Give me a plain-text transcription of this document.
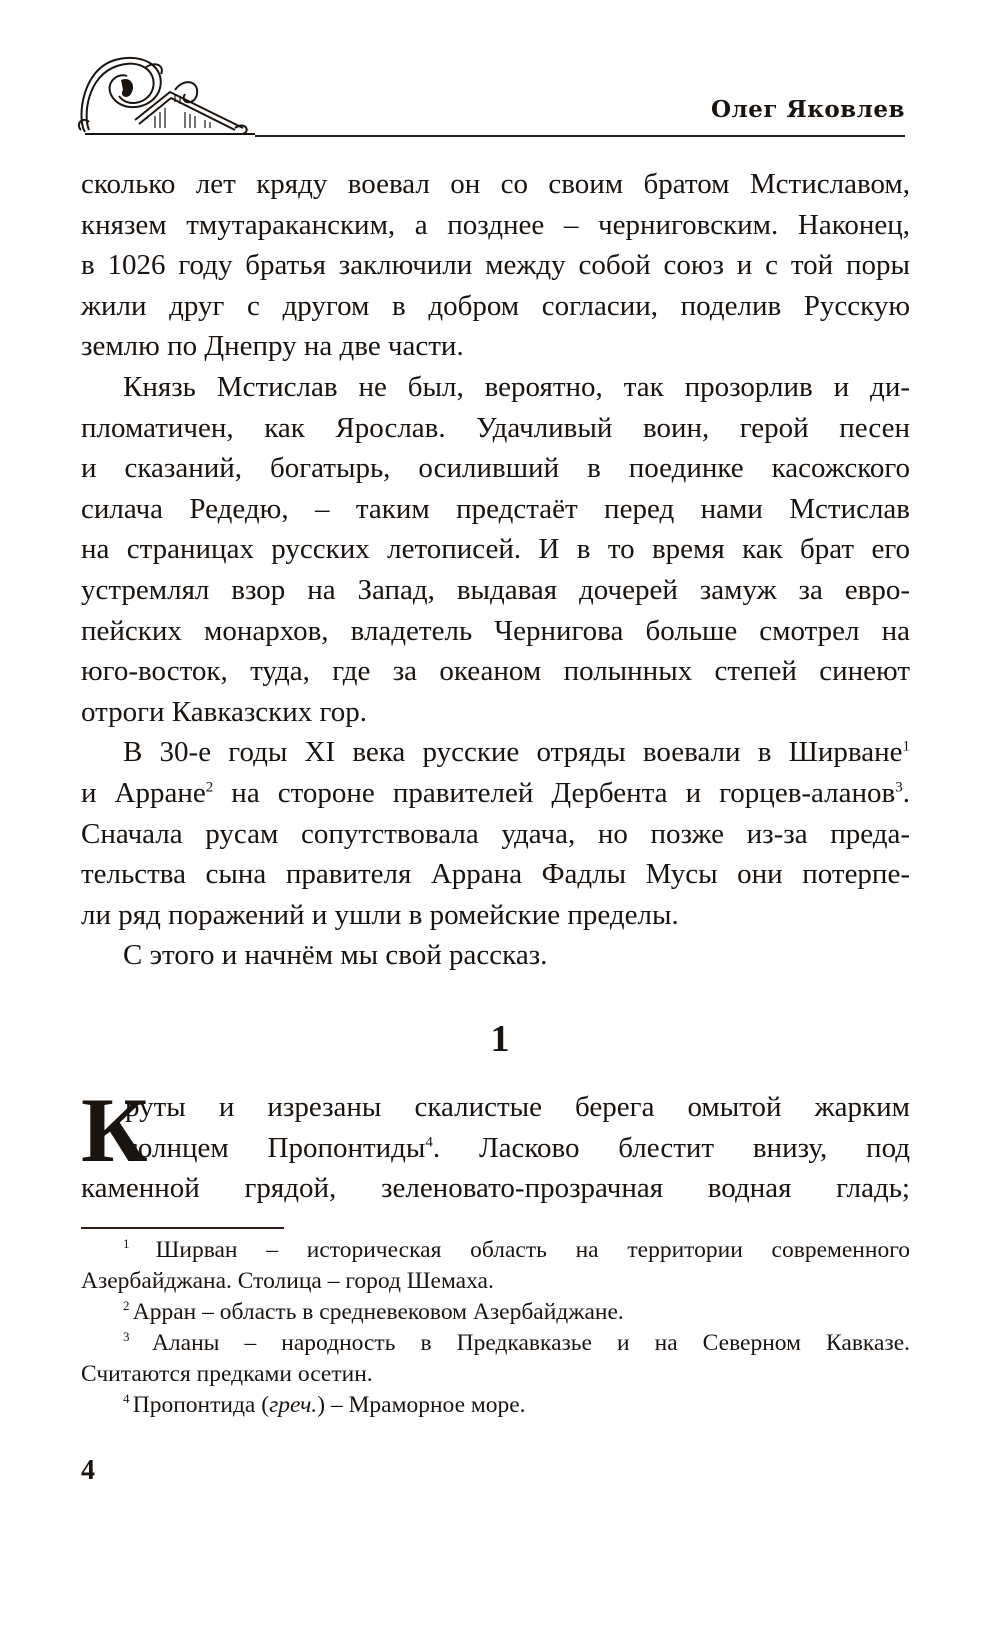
Олег Яковлев
сколько лет кряду воевал он со своим братом Мстиславом,
князем тмутараканским, а позднее – черниговским. Наконец,
в 1026 году братья заключили между собой союз и с той поры
жили друг с другом в добром согласии, поделив Русскую
землю по Днепру на две части.
Князь Мстислав не был, вероятно, так прозорлив и ди-
пломатичен, как Ярослав. Удачливый воин, герой песен
и сказаний, богатырь, осиливший в поединке касожского
силача Редедю, – таким предстаёт перед нами Мстислав
на страницах русских летописей. И в то время как брат его
устремлял взор на Запад, выдавая дочерей замуж за евро-
пейских монархов, владетель Чернигова больше смотрел на
юго-восток, туда, где за океаном полынных степей синеют
отроги Кавказских гор.
В 30-е годы XI века русские отряды воевали в Ширване$^1$
и Арране$^2$ на стороне правителей Дербента и горцев-аланов$^3$.
Сначала русам сопутствовала удача, но позже из-за преда-
тельства сына правителя Аррана Фадлы Мусы они потерпе-
ли ряд поражений и ушли в ромейские пределы.
С этого и начнём мы свой рассказ.
1
К
руты и изрезаны скалистые берега омытой жарким
солнцем Пропонтиды$^4$. Ласково блестит внизу, под
каменной грядой, зеленовато-прозрачная водная гладь;
$^1$ Ширван – историческая область на территории современного
Азербайджана. Столица – город Шемаха.
$^2$ Арран – область в средневековом Азербайджане.
$^3$ Аланы – народность в Предкавказье и на Северном Кавказе.
Считаются предками осетин.
$^4$ Пропонтида (греч.) – Мраморное море.
4
